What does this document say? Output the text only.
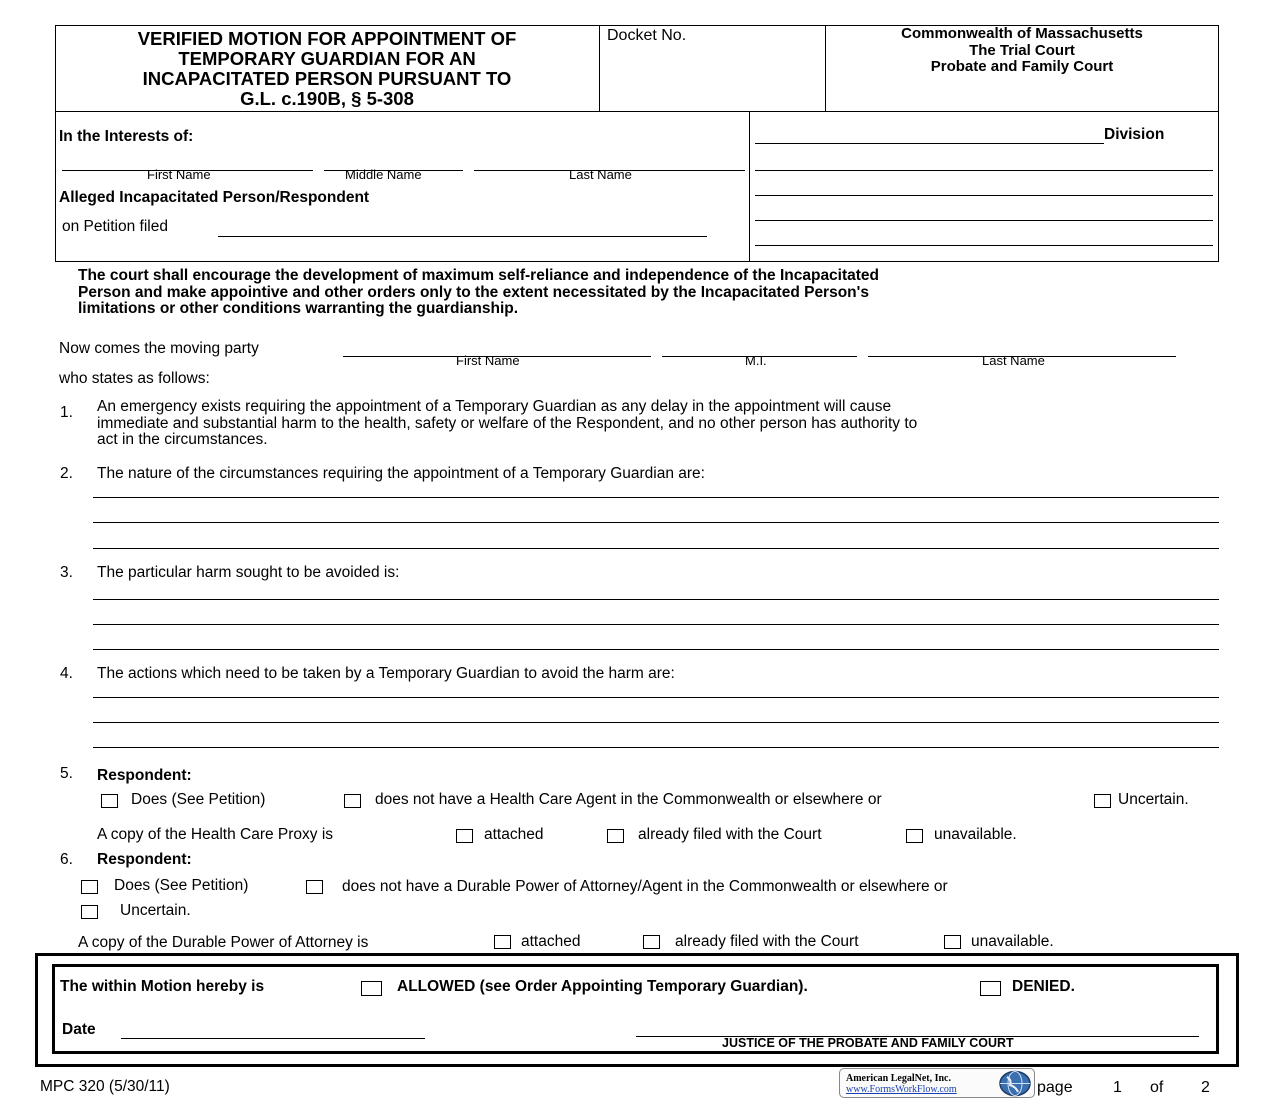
VERIFIED MOTION FOR APPOINTMENT OF
TEMPORARY GUARDIAN FOR AN
INCAPACITATED PERSON PURSUANT TO
G.L. c.190B, § 5-308
Docket No.	Commonwealth of Massachusetts
The Trial Court
Probate and Family Court
In the Interests of:
First Name	Middle Name	Last Name
Alleged Incapacitated Person/Respondent
on Petition filed
Division
The court shall encourage the development of maximum self-reliance and independence of the Incapacitated
Person and make appointive and other orders only to the extent necessitated by the Incapacitated Person's
limitations or other conditions warranting the guardianship.
Now comes the moving party
First Name	M.I.	Last Name
who states as follows:
1. An emergency exists requiring the appointment of a Temporary Guardian as any delay in the appointment will cause
immediate and substantial harm to the health, safety or welfare of the Respondent, and no other person has authority to
act in the circumstances.
2. The nature of the circumstances requiring the appointment of a Temporary Guardian are:
3. The particular harm sought to be avoided is:
4. The actions which need to be taken by a Temporary Guardian to avoid the harm are:
5. Respondent:
Does (See Petition)	does not have a Health Care Agent in the Commonwealth or elsewhere or	Uncertain.
A copy of the Health Care Proxy is	attached	already filed with the Court	unavailable.
6. Respondent:
Does (See Petition)	does not have a Durable Power of Attorney/Agent in the Commonwealth or elsewhere or
Uncertain.
A copy of the Durable Power of Attorney is	attached	already filed with the Court	unavailable.
The within Motion hereby is	ALLOWED (see Order Appointing Temporary Guardian).	DENIED.
Date
JUSTICE OF THE PROBATE AND FAMILY COURT
MPC 320 (5/30/11)	American LegalNet, Inc.
www.FormsWorkFlow.com	page	1 of 2
